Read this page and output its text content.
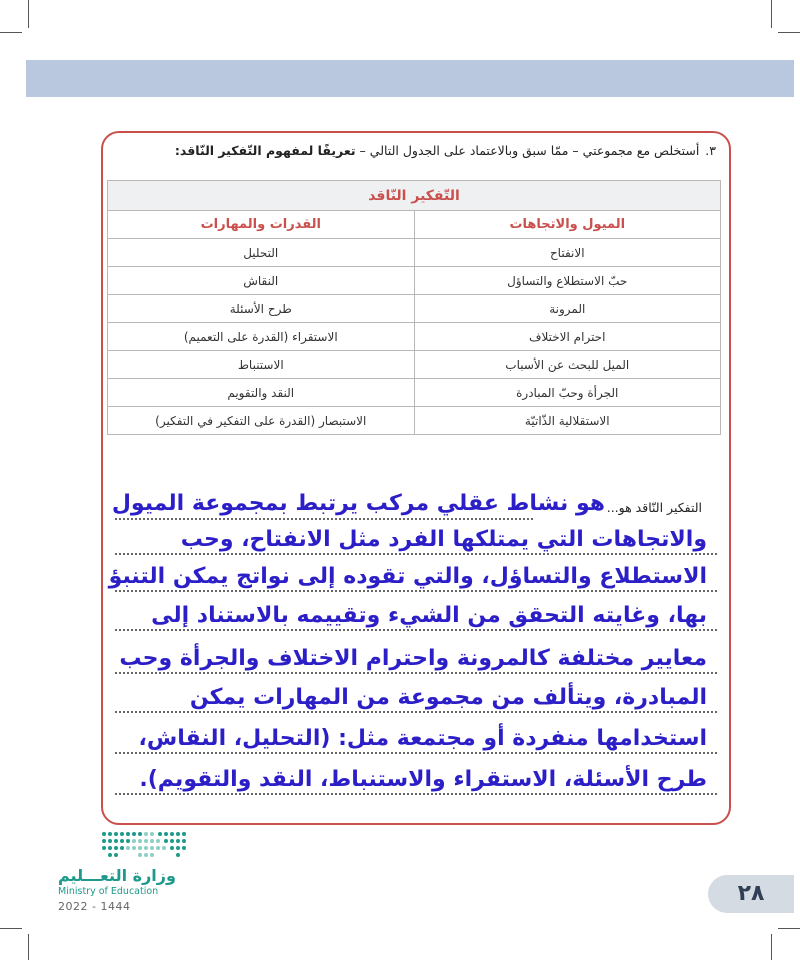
٣.أستخلص مع مجموعتي – ممّا سبق وبالاعتماد على الجدول التالي – تعريفًا لمفهوم التّفكير النّاقد:
التّفكير النّاقد	
الميول والاتجاهات	القدرات والمهارات
الانفتاح	التحليل
حبّ الاستطلاع والتساؤل	النقاش
المرونة	طرح الأسئلة
احترام الاختلاف	الاستقراء (القدرة على التعميم)
الميل للبحث عن الأسباب	الاستنباط
الجرأة وحبّ المبادرة	النقد والتقويم
الاستقلالية الذّاتيّة	الاستبصار (القدرة على التفكير في التفكير)
التفكير النّاقد هو...
هو نشاط عقلي مركب يرتبط بمجموعة الميول
والاتجاهات التي يمتلكها الفرد مثل الانفتاح، وحب
الاستطلاع والتساؤل، والتي تقوده إلى نواتج يمكن التنبؤ
بها، وغايته التحقق من الشيء وتقييمه بالاستناد إلى
معايير مختلفة كالمرونة واحترام الاختلاف والجرأة وحب
المبادرة، ويتألف من مجموعة من المهارات يمكن
استخدامها منفردة أو مجتمعة مثل: (التحليل، النقاش،
طرح الأسئلة، الاستقراء والاستنباط، النقد والتقويم).
وزارة التعـــليم
Ministry of Education
2022 - 1444
٢٨
